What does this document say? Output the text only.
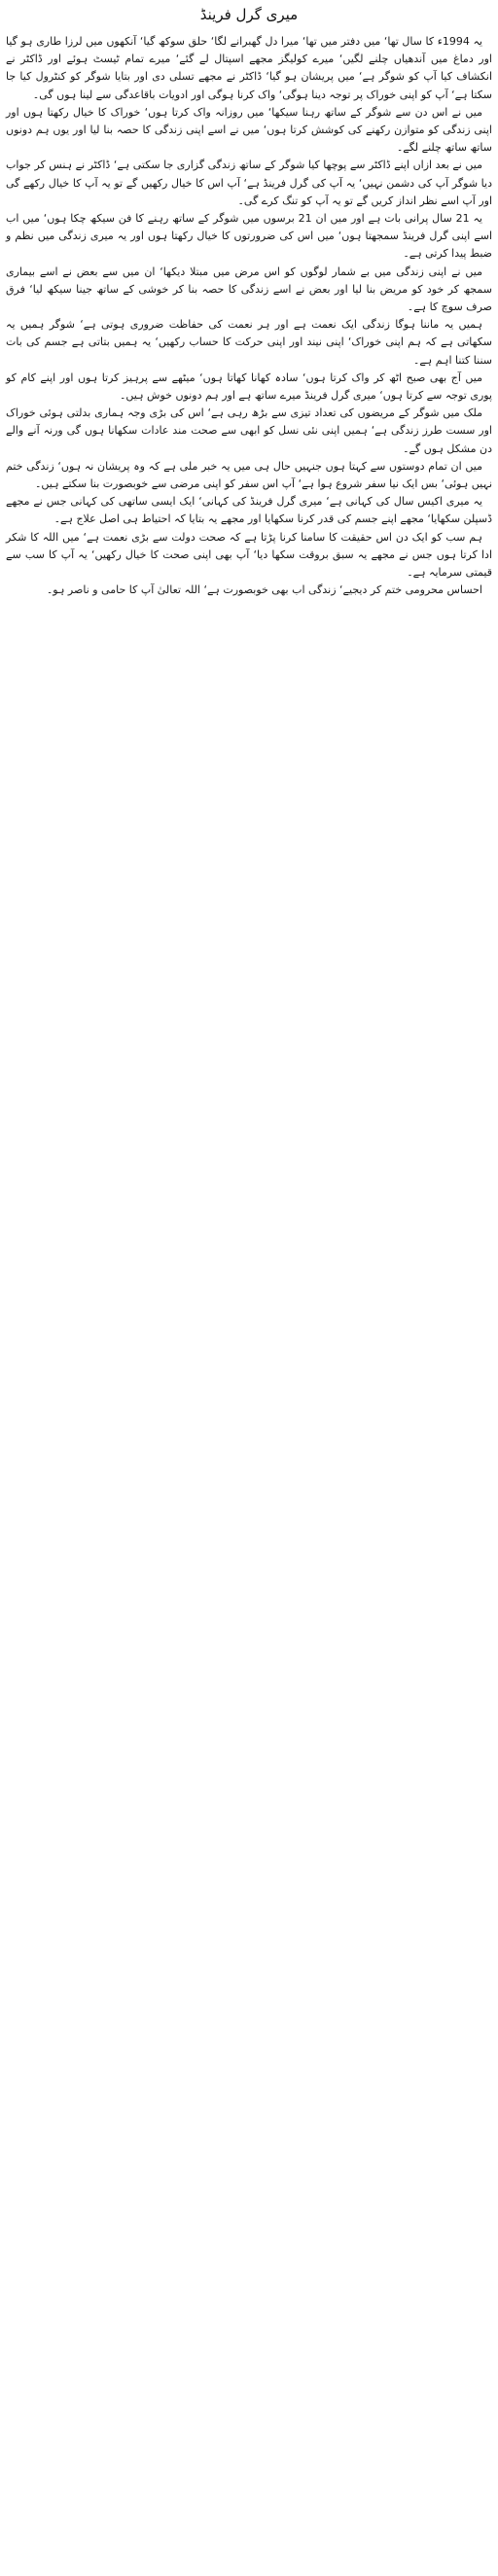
میری گرل فرینڈ

یہ 1994ء کا سال تھا‘ میں دفتر میں تھا‘ میرا دل گھبرانے لگا‘ حلق سوکھ گیا‘ آنکھوں میں لرزا طاری ہو گیا اور دماغ میں آندھیاں چلنے لگیں‘ میرے کولیگز مجھے اسپتال لے گئے‘ میرے تمام ٹیسٹ ہوئے اور ڈاکٹر نے انکشاف کیا آپ کو شوگر ہے‘ میں پریشان ہو گیا‘ ڈاکٹر نے مجھے تسلی دی اور بتایا شوگر کو کنٹرول کیا جا سکتا ہے‘ آپ کو اپنی خوراک پر توجہ دینا ہوگی‘ واک کرنا ہوگی اور ادویات باقاعدگی سے لینا ہوں گی۔

میں نے اس دن سے شوگر کے ساتھ رہنا سیکھا‘ میں روزانہ واک کرتا ہوں‘ خوراک کا خیال رکھتا ہوں اور اپنی زندگی کو متوازن رکھنے کی کوشش کرتا ہوں‘ میں نے اسے اپنی زندگی کا حصہ بنا لیا اور یوں ہم دونوں ساتھ ساتھ چلنے لگے۔

میں نے بعد ازاں اپنے ڈاکٹر سے پوچھا کیا شوگر کے ساتھ زندگی گزاری جا سکتی ہے‘ ڈاکٹر نے ہنس کر جواب دیا شوگر آپ کی دشمن نہیں‘ یہ آپ کی گرل فرینڈ ہے‘ آپ اس کا خیال رکھیں گے تو یہ آپ کا خیال رکھے گی اور آپ اسے نظر انداز کریں گے تو یہ آپ کو تنگ کرے گی۔

یہ 21 سال پرانی بات ہے اور میں ان 21 برسوں میں شوگر کے ساتھ رہنے کا فن سیکھ چکا ہوں‘ میں اب اسے اپنی گرل فرینڈ سمجھتا ہوں‘ میں اس کی ضرورتوں کا خیال رکھتا ہوں اور یہ میری زندگی میں نظم و ضبط پیدا کرتی ہے۔

میں نے اپنی زندگی میں بے شمار لوگوں کو اس مرض میں مبتلا دیکھا‘ ان میں سے بعض نے اسے بیماری سمجھ کر خود کو مریض بنا لیا اور بعض نے اسے زندگی کا حصہ بنا کر خوشی کے ساتھ جینا سیکھ لیا‘ فرق صرف سوچ کا ہے۔

ہمیں یہ ماننا ہوگا زندگی ایک نعمت ہے اور ہر نعمت کی حفاظت ضروری ہوتی ہے‘ شوگر ہمیں یہ سکھاتی ہے کہ ہم اپنی خوراک‘ اپنی نیند اور اپنی حرکت کا حساب رکھیں‘ یہ ہمیں بتاتی ہے جسم کی بات سننا کتنا اہم ہے۔

میں آج بھی صبح اٹھ کر واک کرتا ہوں‘ سادہ کھانا کھاتا ہوں‘ میٹھے سے پرہیز کرتا ہوں اور اپنے کام کو پوری توجہ سے کرتا ہوں‘ میری گرل فرینڈ میرے ساتھ ہے اور ہم دونوں خوش ہیں۔

ملک میں شوگر کے مریضوں کی تعداد تیزی سے بڑھ رہی ہے‘ اس کی بڑی وجہ ہماری بدلتی ہوئی خوراک اور سست طرز زندگی ہے‘ ہمیں اپنی نئی نسل کو ابھی سے صحت مند عادات سکھانا ہوں گی ورنہ آنے والے دن مشکل ہوں گے۔

میں ان تمام دوستوں سے کہتا ہوں جنہیں حال ہی میں یہ خبر ملی ہے کہ وہ پریشان نہ ہوں‘ زندگی ختم نہیں ہوئی‘ بس ایک نیا سفر شروع ہوا ہے‘ آپ اس سفر کو اپنی مرضی سے خوبصورت بنا سکتے ہیں۔

یہ میری اکیس سال کی کہانی ہے‘ میری گرل فرینڈ کی کہانی‘ ایک ایسی ساتھی کی کہانی جس نے مجھے ڈسپلن سکھایا‘ مجھے اپنے جسم کی قدر کرنا سکھایا اور مجھے یہ بتایا کہ احتیاط ہی اصل علاج ہے۔

ہم سب کو ایک دن اس حقیقت کا سامنا کرنا پڑتا ہے کہ صحت دولت سے بڑی نعمت ہے‘ میں اللہ کا شکر ادا کرتا ہوں جس نے مجھے یہ سبق بروقت سکھا دیا‘ آپ بھی اپنی صحت کا خیال رکھیں‘ یہ آپ کا سب سے قیمتی سرمایہ ہے۔

احساس محرومی ختم کر دیجیے‘ زندگی اب بھی خوبصورت ہے‘ اللہ تعالیٰ آپ کا حامی و ناصر ہو۔
